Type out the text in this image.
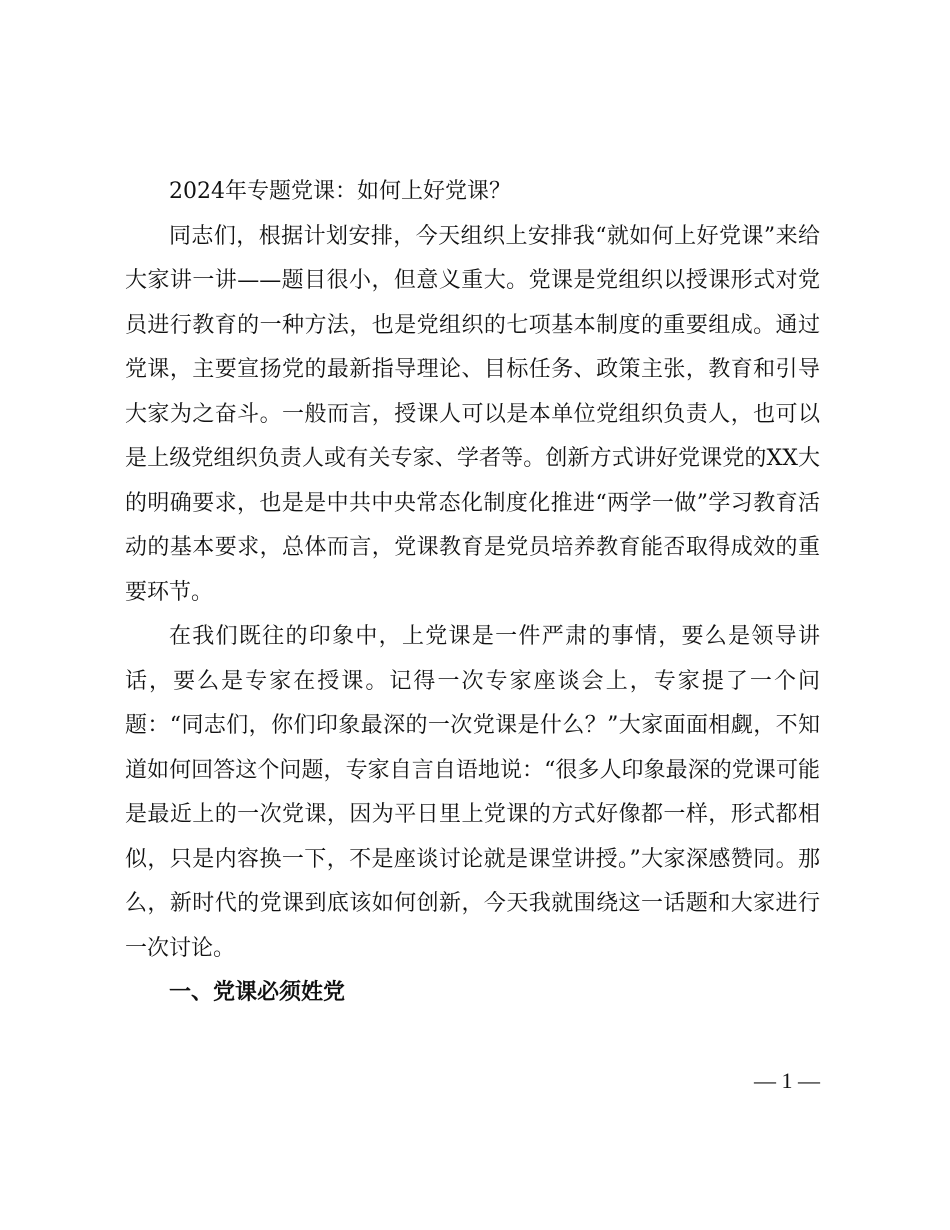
2024年专题党课：如何上好党课？

同志们，根据计划安排，今天组织上安排我“就如何上好党课”来给大家讲一讲——题目很小，但意义重大。党课是党组织以授课形式对党员进行教育的一种方法，也是党组织的七项基本制度的重要组成。通过党课，主要宣扬党的最新指导理论、目标任务、政策主张，教育和引导大家为之奋斗。一般而言，授课人可以是本单位党组织负责人，也可以是上级党组织负责人或有关专家、学者等。创新方式讲好党课党的XX大的明确要求，也是是中共中央常态化制度化推进“两学一做”学习教育活动的基本要求，总体而言，党课教育是党员培养教育能否取得成效的重要环节。

在我们既往的印象中，上党课是一件严肃的事情，要么是领导讲话，要么是专家在授课。记得一次专家座谈会上，专家提了一个问题：“同志们，你们印象最深的一次党课是什么？”大家面面相觑，不知道如何回答这个问题，专家自言自语地说：“很多人印象最深的党课可能是最近上的一次党课，因为平日里上党课的方式好像都一样，形式都相似，只是内容换一下，不是座谈讨论就是课堂讲授。”大家深感赞同。那么，新时代的党课到底该如何创新，今天我就围绕这一话题和大家进行一次讨论。

一、党课必须姓党

— 1 —
